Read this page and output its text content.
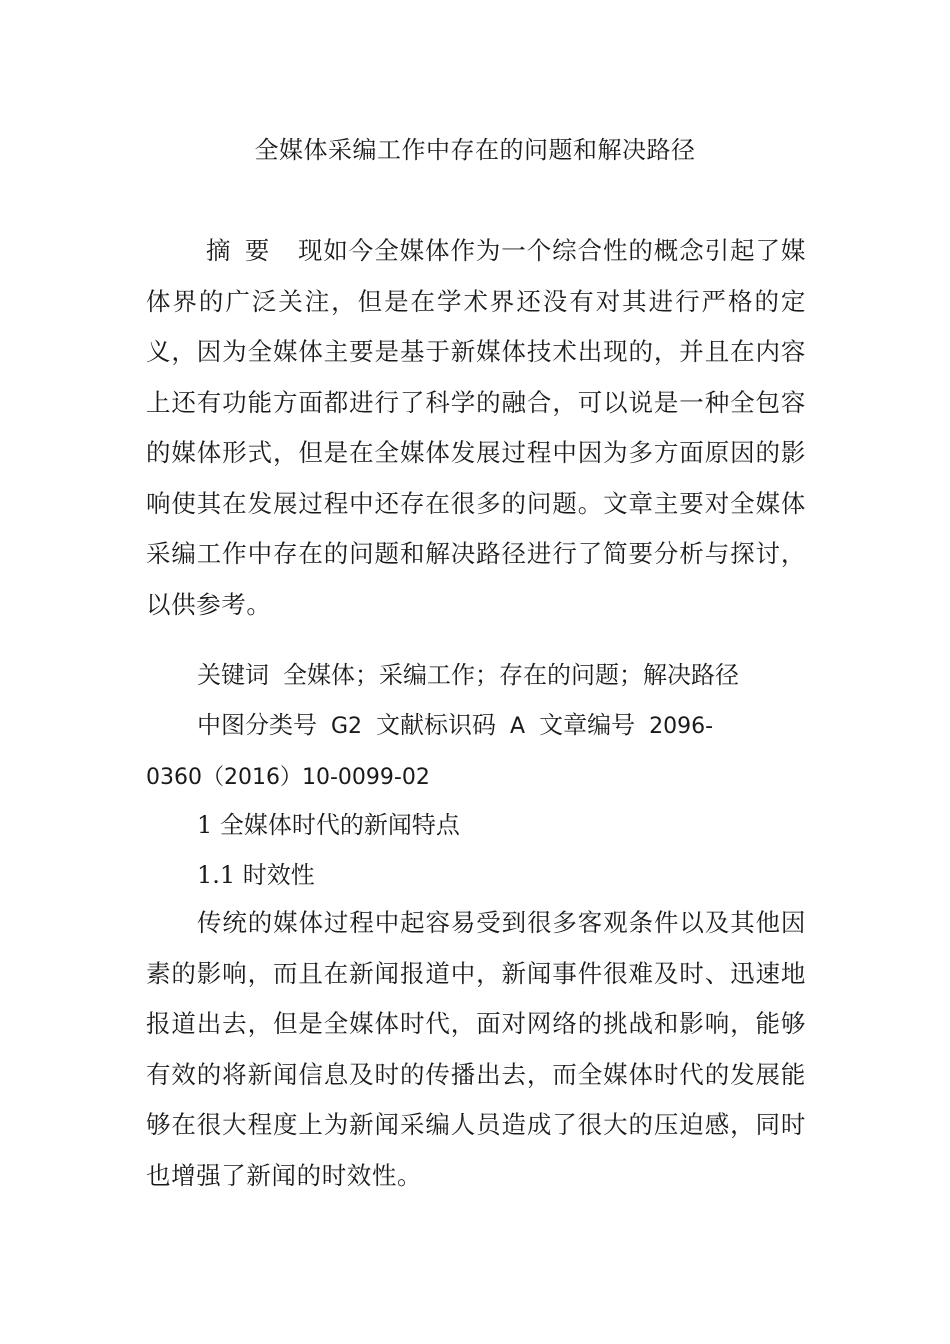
全媒体采编工作中存在的问题和解决路径
摘要 现如今全媒体作为一个综合性的概念引起了媒体界的广泛关注，但是在学术界还没有对其进行严格的定义，因为全媒体主要是基于新媒体技术出现的，并且在内容上还有功能方面都进行了科学的融合，可以说是一种全包容的媒体形式，但是在全媒体发展过程中因为多方面原因的影响使其在发展过程中还存在很多的问题。文章主要对全媒体采编工作中存在的问题和解决路径进行了简要分析与探讨，以供参考。
关键词 全媒体；采编工作；存在的问题；解决路径
中图分类号 G2 文献标识码 A 文章编号 2096-
0360（2016）10-0099-02
1 全媒体时代的新闻特点
1.1 时效性
传统的媒体过程中起容易受到很多客观条件以及其他因素的影响，而且在新闻报道中，新闻事件很难及时、迅速地报道出去，但是全媒体时代，面对网络的挑战和影响，能够有效的将新闻信息及时的传播出去，而全媒体时代的发展能够在很大程度上为新闻采编人员造成了很大的压迫感，同时也增强了新闻的时效性。
